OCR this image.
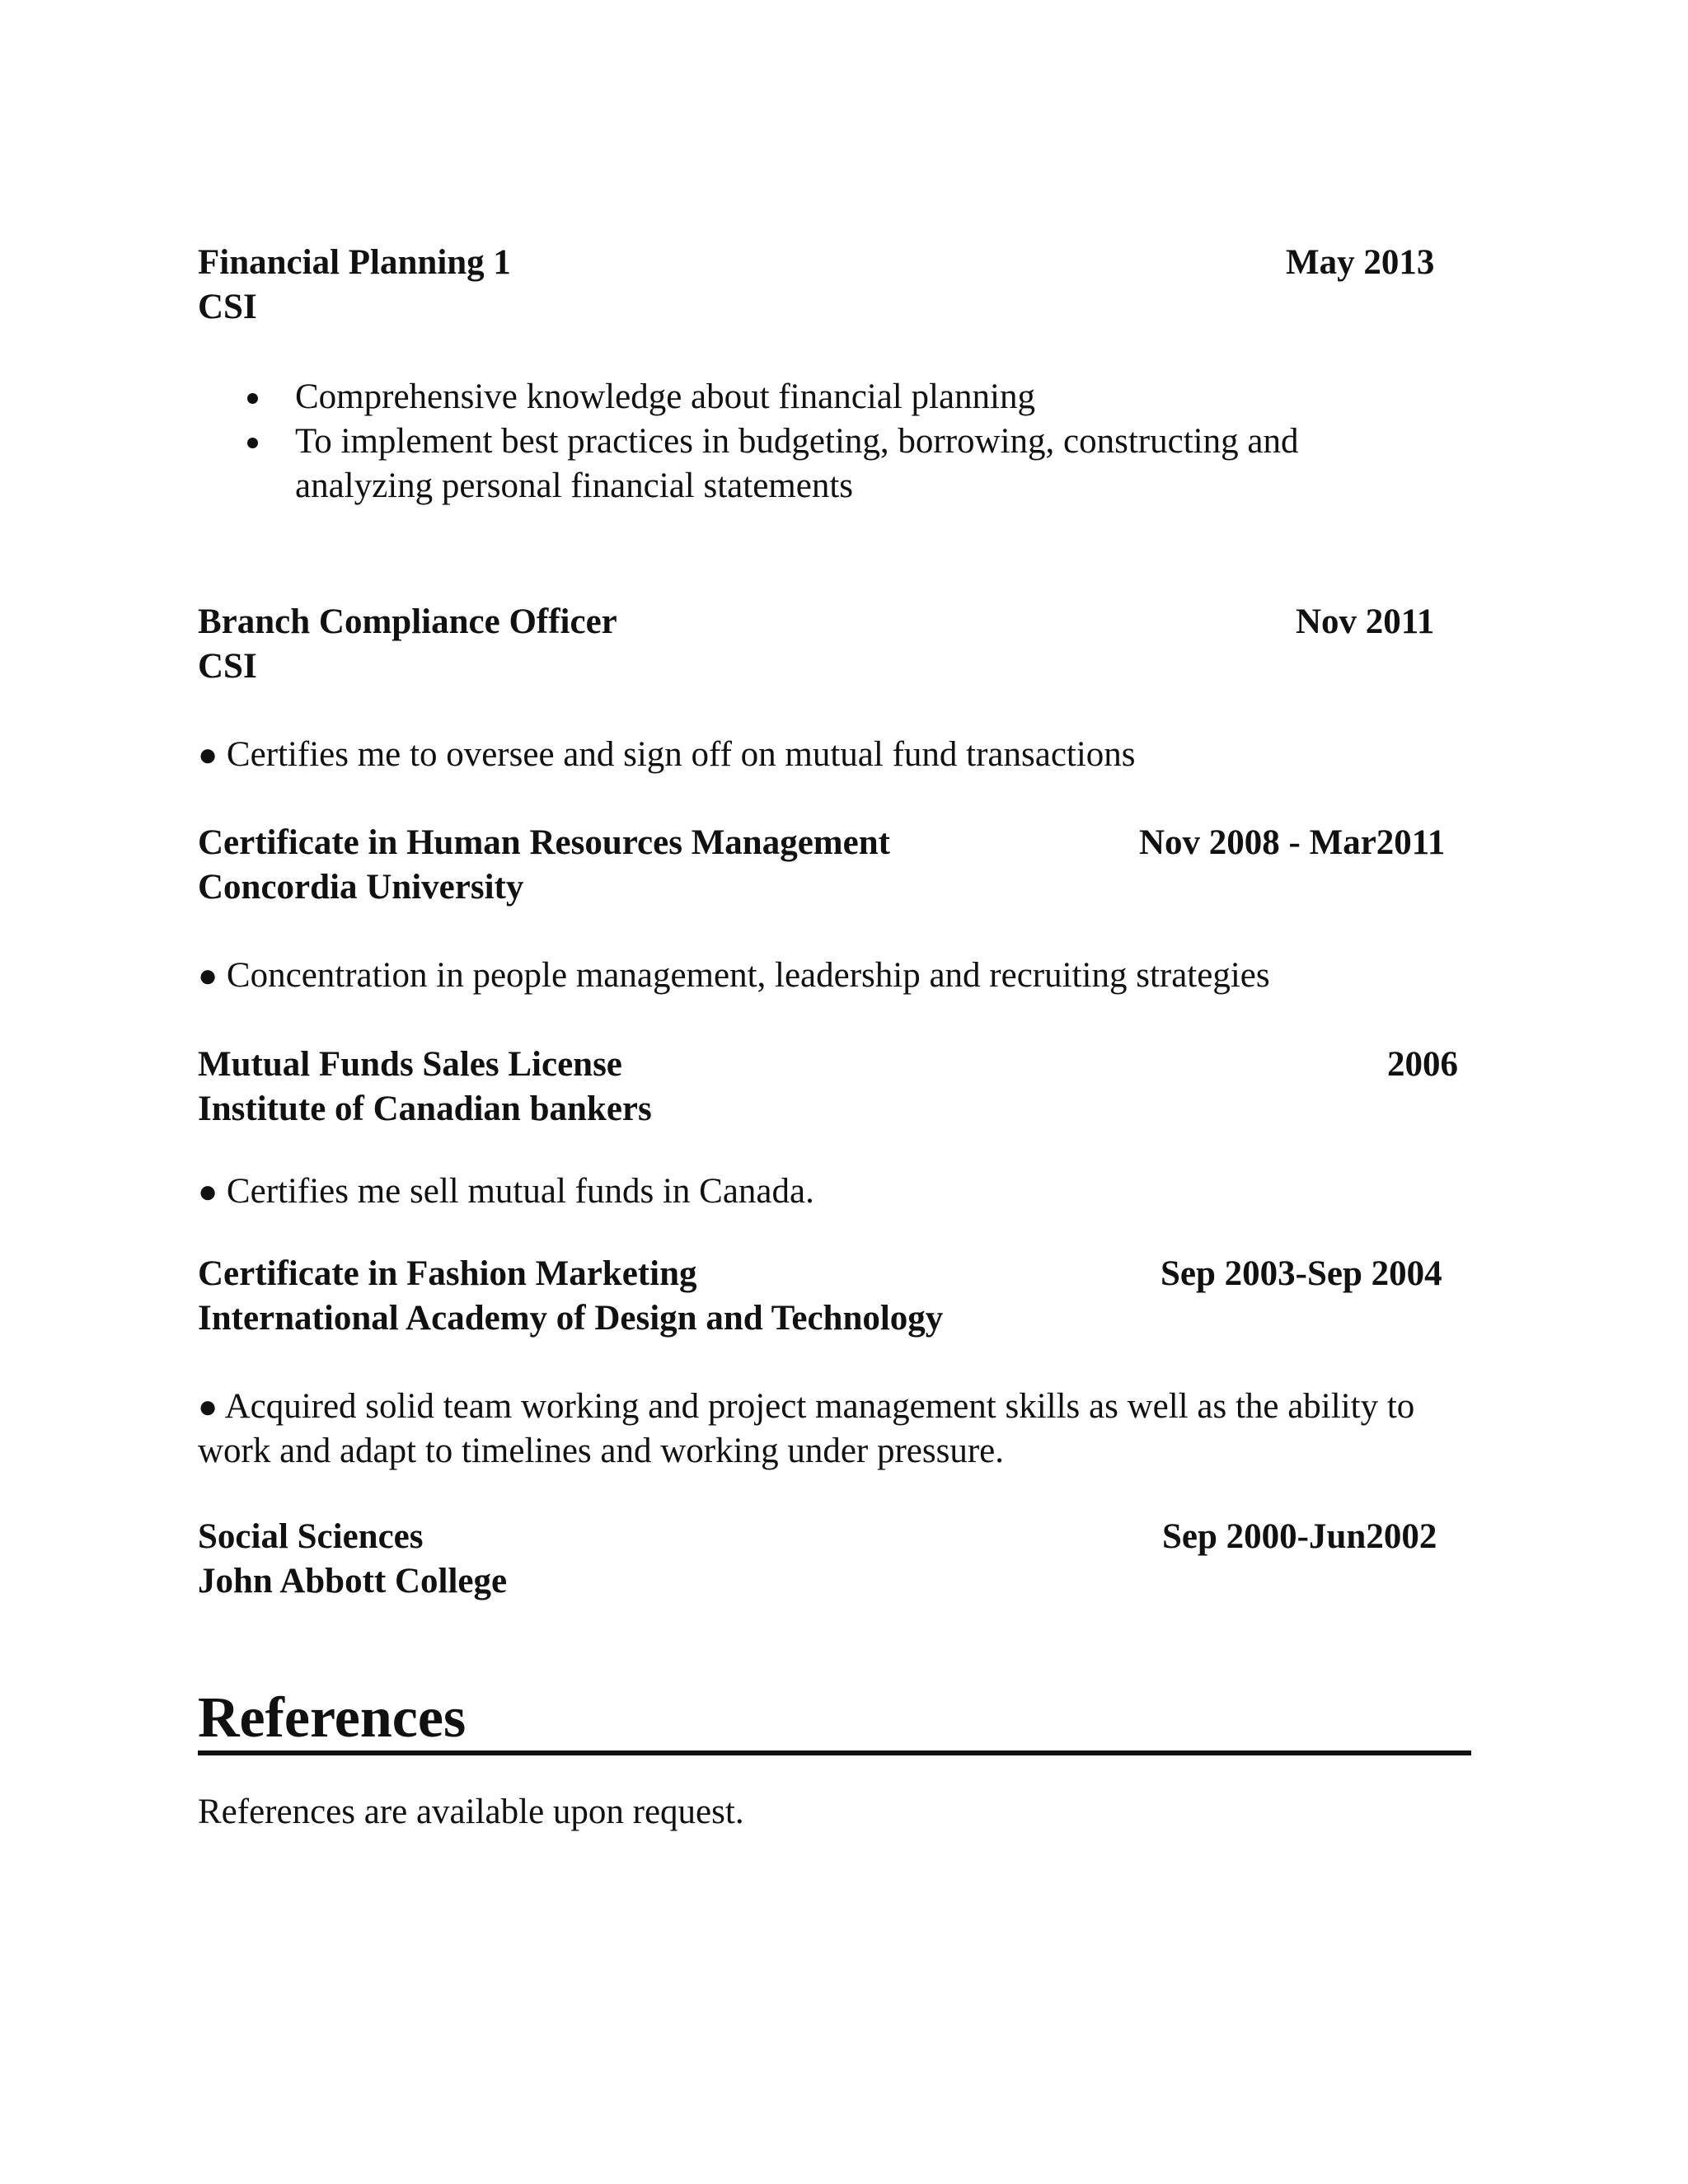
Financial Planning 1	May 2013
CSI
Comprehensive knowledge about financial planning
To implement best practices in budgeting, borrowing, constructing and analyzing personal financial statements
Branch Compliance Officer	Nov 2011
CSI
● Certifies me to oversee and sign off on mutual fund transactions
Certificate in Human Resources Management	Nov 2008 - Mar2011
Concordia University
● Concentration in people management, leadership and recruiting strategies
Mutual Funds Sales License	2006
Institute of Canadian bankers
● Certifies me sell mutual funds in Canada.
Certificate in Fashion Marketing	Sep 2003-Sep 2004
International Academy of Design and Technology
● Acquired solid team working and project management skills as well as the ability to work and adapt to timelines and working under pressure.
Social Sciences	Sep 2000-Jun2002
John Abbott College
References
References are available upon request.
